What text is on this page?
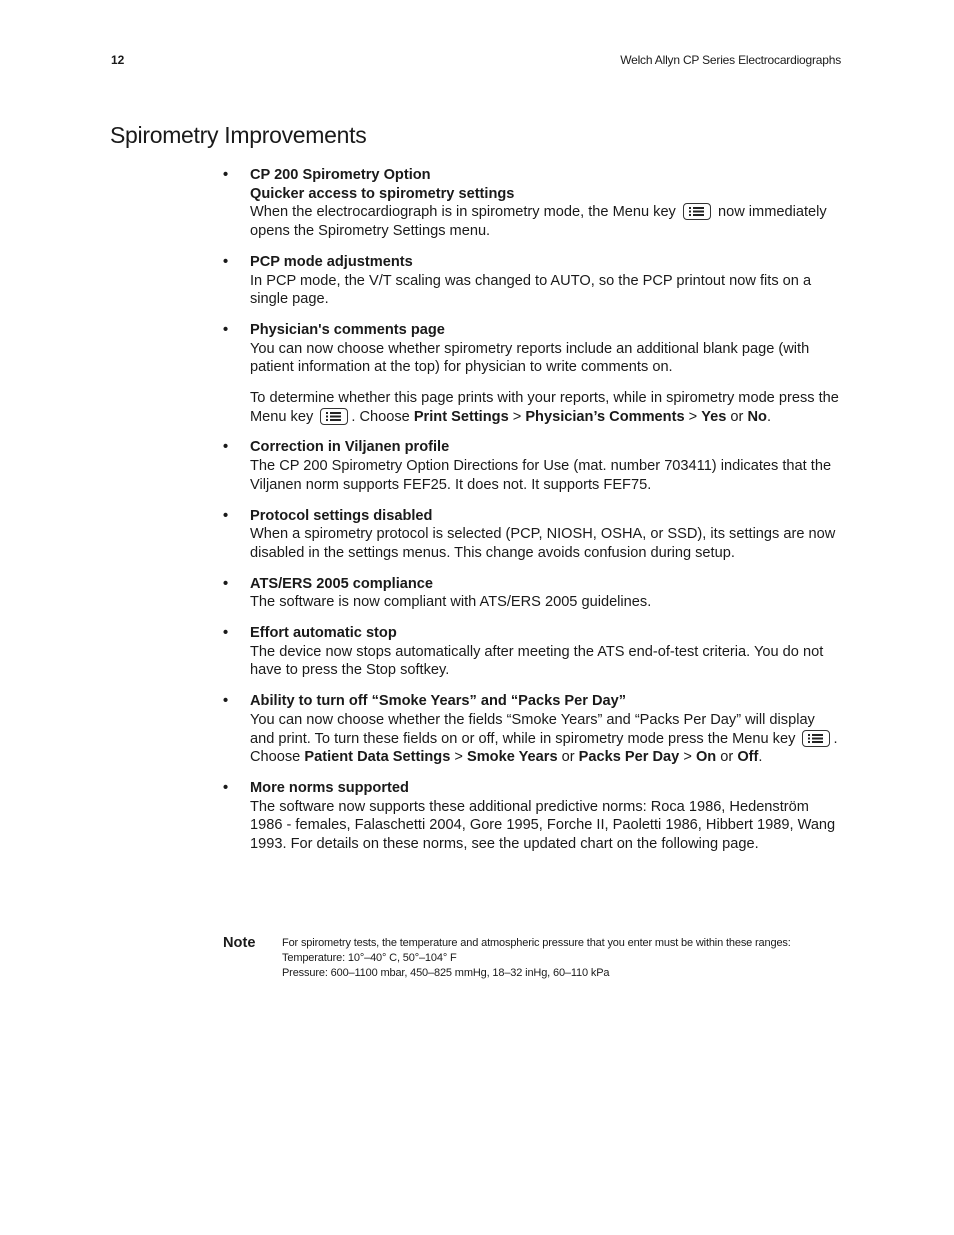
12	Welch Allyn CP Series Electrocardiographs
Spirometry Improvements
• CP 200 Spirometry Option
Quicker access to spirometry settings
When the electrocardiograph is in spirometry mode, the Menu key	now immediately opens the Spirometry Settings menu.
• PCP mode adjustments
In PCP mode, the V/T scaling was changed to AUTO, so the PCP printout now fits on a single page.
• Physician's comments page
You can now choose whether spirometry reports include an additional blank page (with patient information at the top) for physician to write comments on.
To determine whether this page prints with your reports, while in spirometry mode press the Menu key	. Choose Print Settings > Physician’s Comments > Yes or No.
• Correction in Viljanen profile
The CP 200 Spirometry Option Directions for Use (mat. number 703411) indicates that the Viljanen norm supports FEF25. It does not. It supports FEF75.
• Protocol settings disabled
When a spirometry protocol is selected (PCP, NIOSH, OSHA, or SSD), its settings are now disabled in the settings menus. This change avoids confusion during setup.
• ATS/ERS 2005 compliance
The software is now compliant with ATS/ERS 2005 guidelines.
• Effort automatic stop
The device now stops automatically after meeting the ATS end-of-test criteria. You do not have to press the Stop softkey.
• Ability to turn off “Smoke Years” and “Packs Per Day”
You can now choose whether the fields “Smoke Years” and “Packs Per Day” will display and print. To turn these fields on or off, while in spirometry mode press the Menu key	. Choose Patient Data Settings > Smoke Years or Packs Per Day > On or Off.
• More norms supported
The software now supports these additional predictive norms: Roca 1986, Hedenström 1986 - females, Falaschetti 2004, Gore 1995, Forche II, Paoletti 1986, Hibbert 1989, Wang 1993. For details on these norms, see the updated chart on the following page.
Note For spirometry tests, the temperature and atmospheric pressure that you enter must be within these ranges:
Temperature: 10°–40° C, 50°–104° F
Pressure: 600–1100 mbar, 450–825 mmHg, 18–32 inHg, 60–110 kPa
